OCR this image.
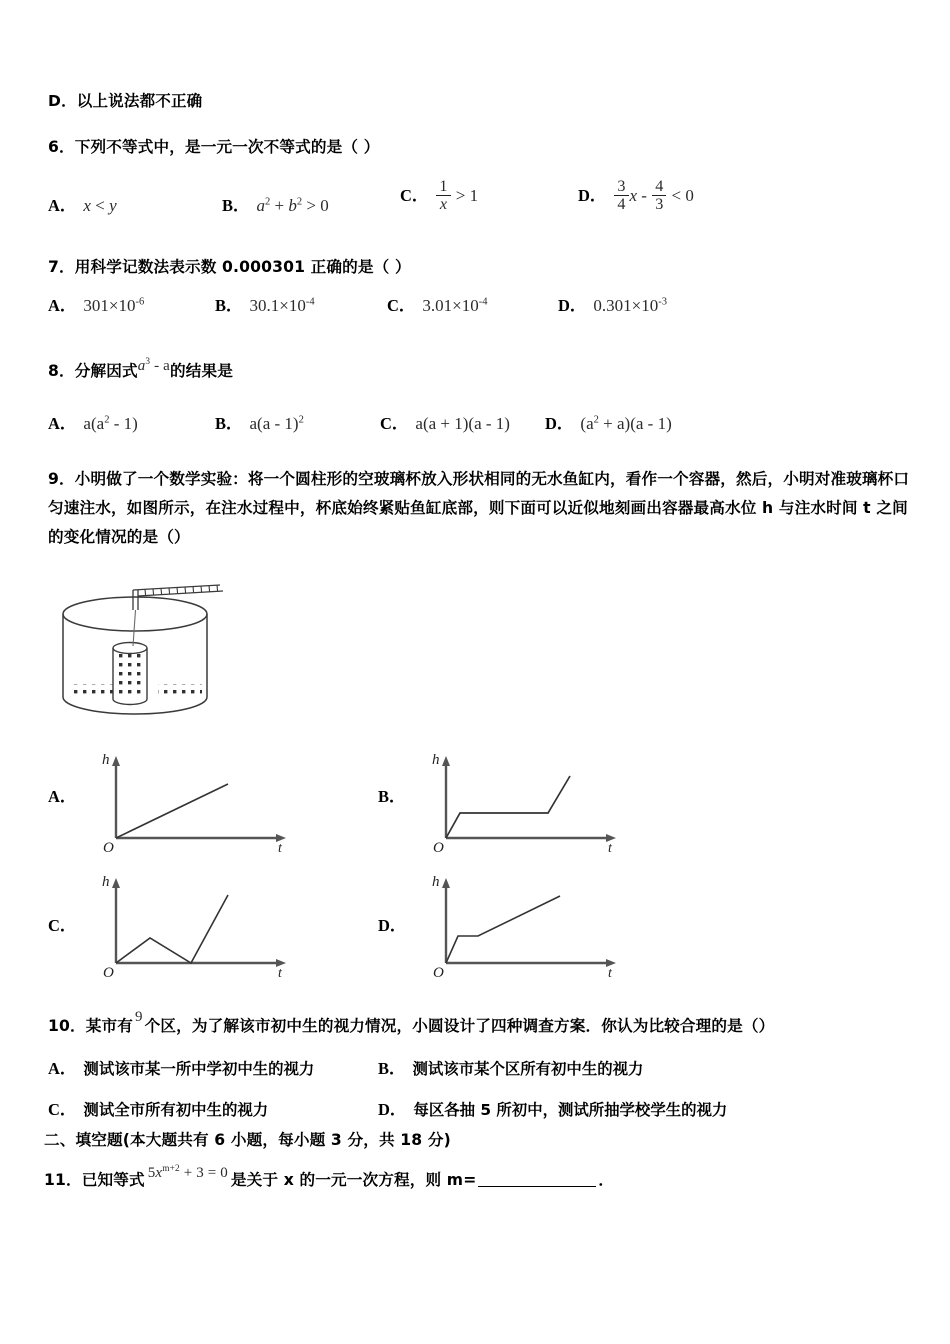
D．以上说法都不正确
6．下列不等式中，是一元一次不等式的是（ ）
A． x < y	B． $a^2 + b^2 > 0$
C． $\frac{1}{x} > 1$	D． $\frac{3}{4}$ $x - \frac{4}{3} < 0$
7．用科学记数法表示数 0.000301 正确的是（ ）
A． $301\times 10^{-6}$	B． $30.1\times 10^{-4}$	C． $3.01\times 10^{-4}$	D． $0.301\times 10^{-3}$
8．分解因式$a^3$ - a的结果是
A． $a(a^2 - 1)$	B． a(a - 1)$^2$	C． a(a + 1)(a - 1) D． $(a^2 + a)(a - 1)$
9．小明做了一个数学实验：将一个圆柱形的空玻璃杯放入形状相同的无水鱼缸内，看作一个容器，然后，小明对准玻璃杯口匀速注水，如图所示，在注水过程中，杯底始终紧贴鱼缸底部，则下面可以近似地刻画出容器最高水位 h 与注水时间 t 之间的变化情况的是（）
A．
h
t
O
B．
h
t
O
C．
h
t
O
D．
h
t
O
10．某市有 9 个区，为了解该市初中生的视力情况，小圆设计了四种调查方案．你认为比较合理的是（）
A． 测试该市某一所中学初中生的视力	B． 测试该市某个区所有初中生的视力
C． 测试全市所有初中生的视力	D． 每区各抽 5 所初中，测试所抽学校学生的视力
二、填空题(本大题共有 6 小题，每小题 3 分，共 18 分)
11．已知等式 $5x^{m+2} + 3 = 0$ 是关于 x 的一元一次方程，则 m=	．
